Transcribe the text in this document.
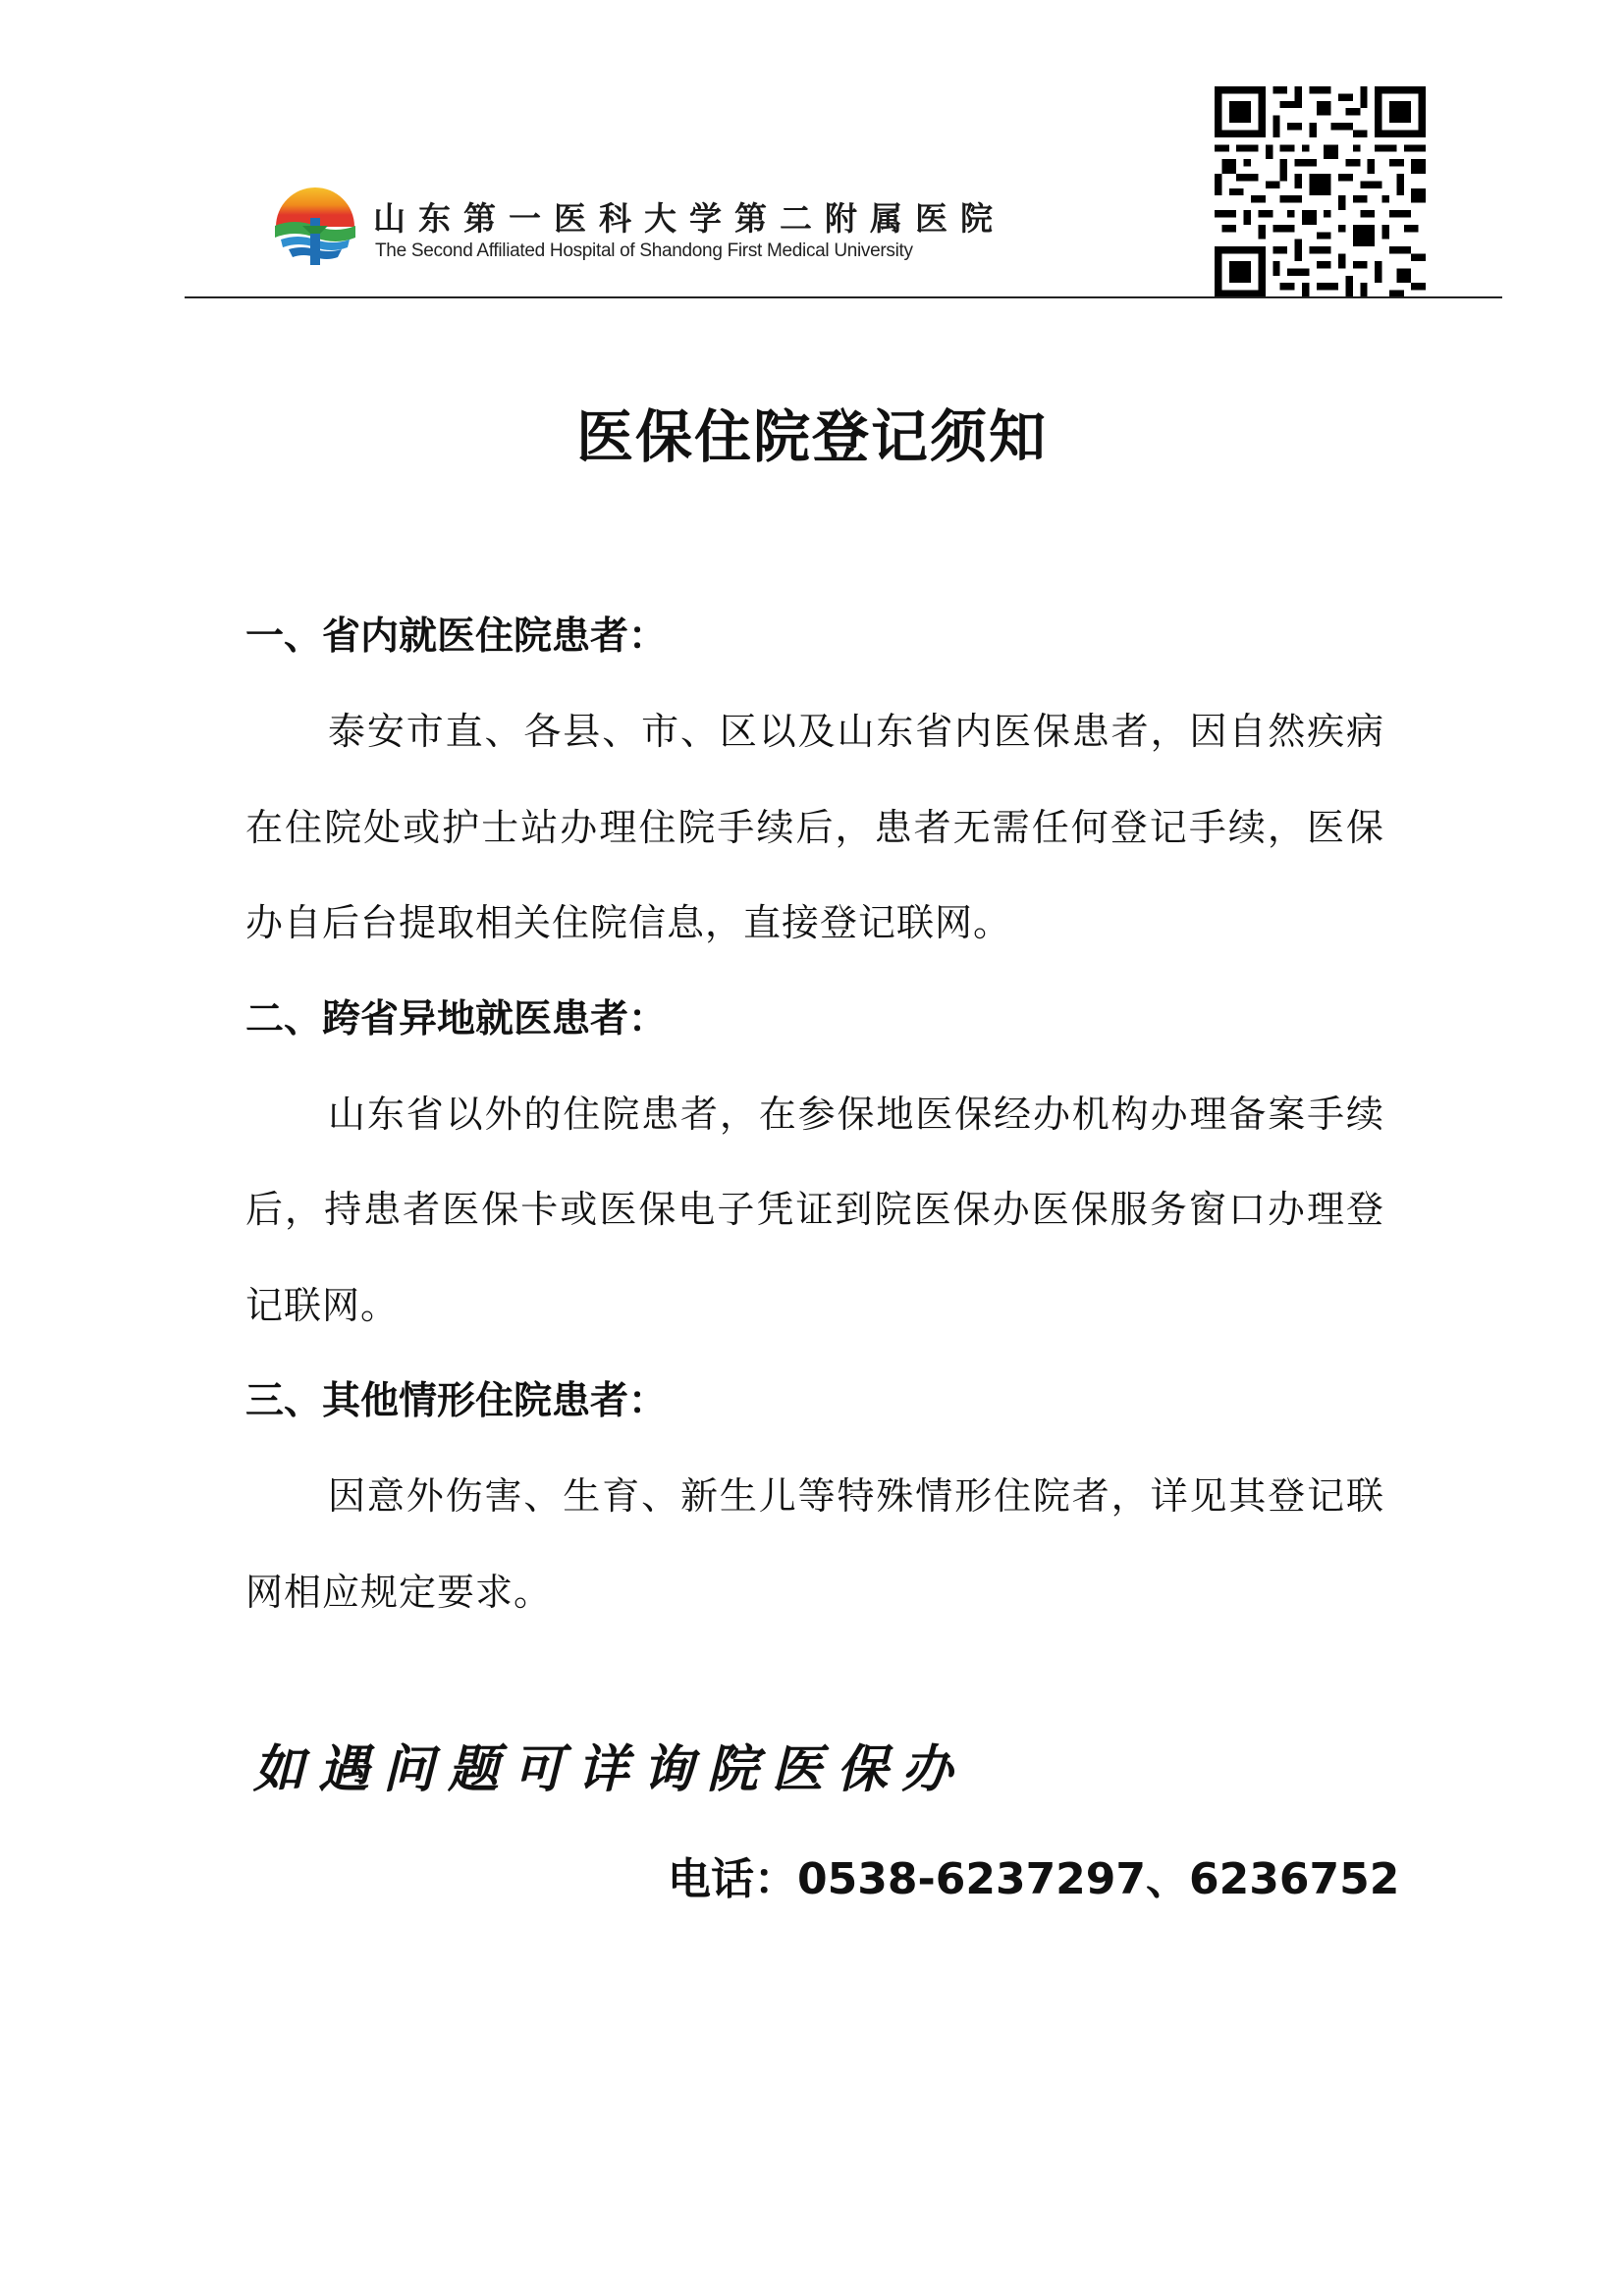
山东第一医科大学第二附属医院
The Second Affiliated Hospital of Shandong First Medical University
医保住院登记须知
一、省内就医住院患者：

泰安市直、各县、市、区以及山东省内医保患者，因自然疾病在住院处或护士站办理住院手续后，患者无需任何登记手续，医保办自后台提取相关住院信息，直接登记联网。

二、跨省异地就医患者：

山东省以外的住院患者，在参保地医保经办机构办理备案手续后，持患者医保卡或医保电子凭证到院医保办医保服务窗口办理登记联网。

三、其他情形住院患者：

因意外伤害、生育、新生儿等特殊情形住院者，详见其登记联网相应规定要求。

如遇问题可详询院医保办
电话：0538-6237297、6236752
